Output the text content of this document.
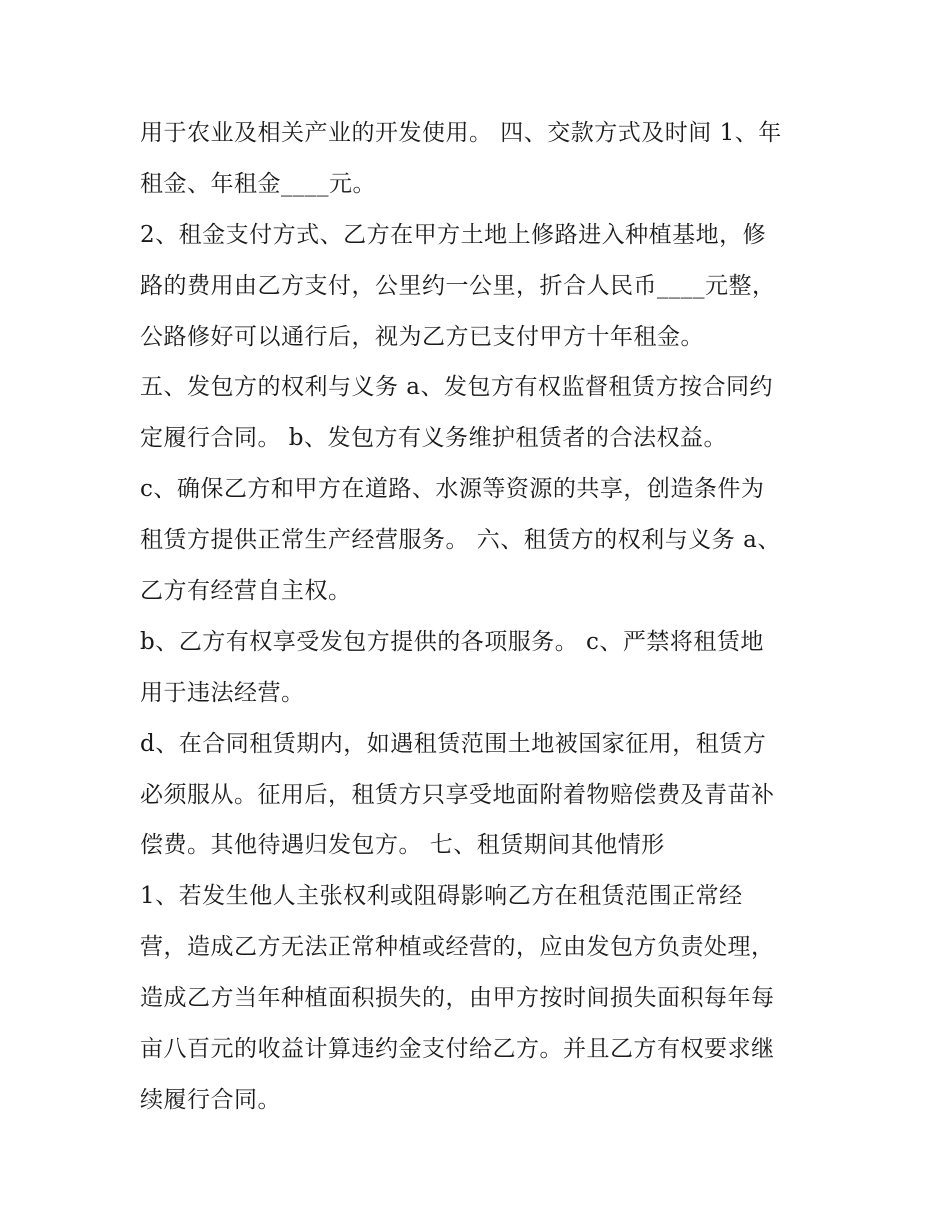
用于农业及相关产业的开发使用。 四、交款方式及时间 1、年
租金、年租金____元。
2、租金支付方式、乙方在甲方土地上修路进入种植基地，修
路的费用由乙方支付，公里约一公里，折合人民币____元整，
公路修好可以通行后，视为乙方已支付甲方十年租金。
五、发包方的权利与义务 a、发包方有权监督租赁方按合同约
定履行合同。 b、发包方有义务维护租赁者的合法权益。
c、确保乙方和甲方在道路、水源等资源的共享，创造条件为
租赁方提供正常生产经营服务。 六、租赁方的权利与义务 a、
乙方有经营自主权。
b、乙方有权享受发包方提供的各项服务。 c、严禁将租赁地
用于违法经营。
d、在合同租赁期内，如遇租赁范围土地被国家征用，租赁方
必须服从。征用后，租赁方只享受地面附着物赔偿费及青苗补
偿费。其他待遇归发包方。 七、租赁期间其他情形
1、若发生他人主张权利或阻碍影响乙方在租赁范围正常经
营，造成乙方无法正常种植或经营的，应由发包方负责处理，
造成乙方当年种植面积损失的，由甲方按时间损失面积每年每
亩八百元的收益计算违约金支付给乙方。并且乙方有权要求继
续履行合同。
